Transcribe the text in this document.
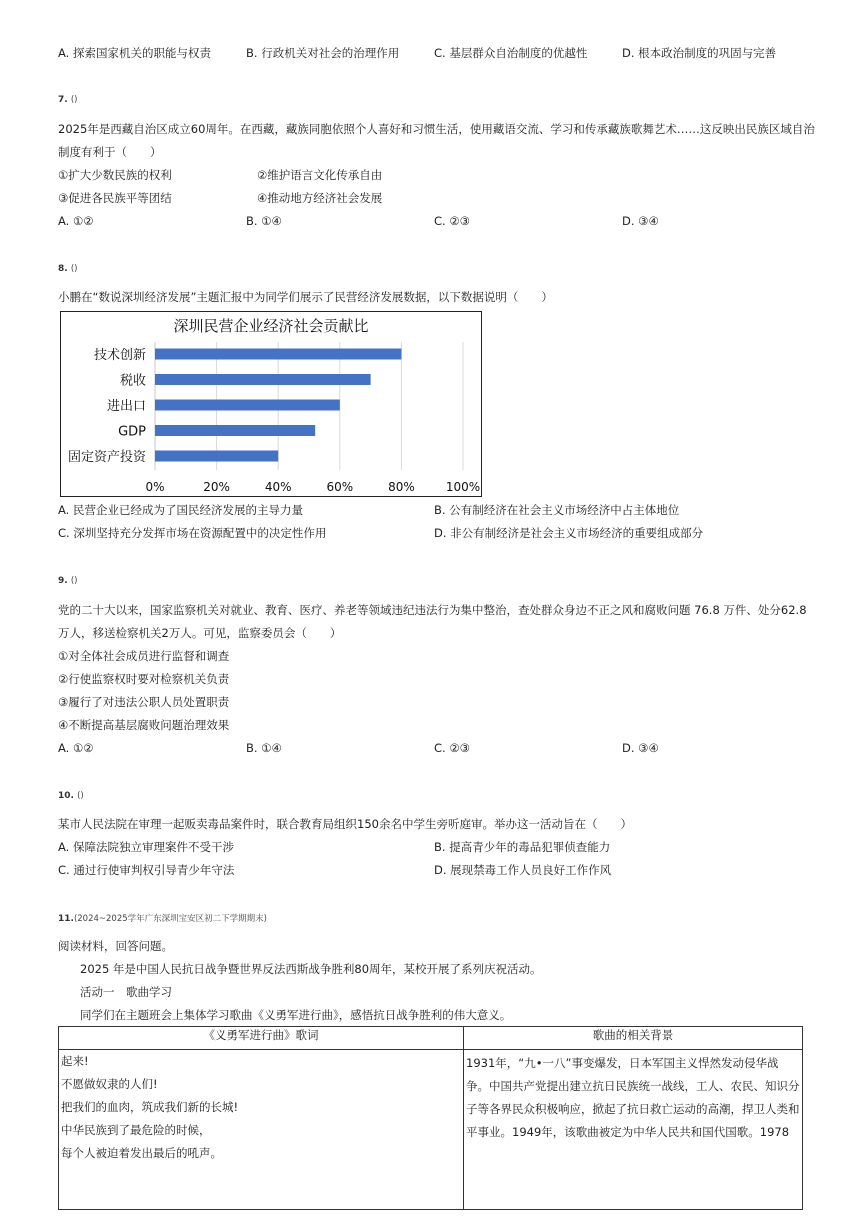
A. 探索国家机关的职能与权责	B. 行政机关对社会的治理作用	C. 基层群众自治制度的优越性	D. 根本政治制度的巩固与完善
7. ()
2025年是西藏自治区成立60周年。在西藏，藏族同胞依照个人喜好和习惯生活，使用藏语交流、学习和传承藏族歌舞艺术……这反映出民族区域自治
制度有利于（　　）
①扩大少数民族的权利	②维护语言文化传承自由
③促进各民族平等团结	④推动地方经济社会发展
A. ①②	B. ①④	C. ②③	D. ③④
8. ()
小鹏在“数说深圳经济发展”主题汇报中为同学们展示了民营经济发展数据，以下数据说明（　　）
深圳民营企业经济社会贡献比
技术创新
税收
进出口
GDP
固定资产投资
0%	20%	40%	60%	80%	100%
A. 民营企业已经成为了国民经济发展的主导力量	B. 公有制经济在社会主义市场经济中占主体地位
C. 深圳坚持充分发挥市场在资源配置中的决定性作用	D. 非公有制经济是社会主义市场经济的重要组成部分
9. ()
党的二十大以来，国家监察机关对就业、教育、医疗、养老等领域违纪违法行为集中整治，查处群众身边不正之风和腐败问题 76.8 万件、处分62.8
万人，移送检察机关2万人。可见，监察委员会（　　）
①对全体社会成员进行监督和调查
②行使监察权时要对检察机关负责
③履行了对违法公职人员处置职责
④不断提高基层腐败问题治理效果
A. ①②	B. ①④	C. ②③	D. ③④
10. ()
某市人民法院在审理一起贩卖毒品案件时，联合教育局组织150余名中学生旁听庭审。举办这一活动旨在（　　）
A. 保障法院独立审理案件不受干涉	B. 提高青少年的毒品犯罪侦查能力
C. 通过行使审判权引导青少年守法	D. 展现禁毒工作人员良好工作作风
11.(2024~2025学年广东深圳宝安区初二下学期期末)
阅读材料，回答问题。
2025 年是中国人民抗日战争暨世界反法西斯战争胜利80周年，某校开展了系列庆祝活动。
活动一　歌曲学习
同学们在主题班会上集体学习歌曲《义勇军进行曲》，感悟抗日战争胜利的伟大意义。
《义勇军进行曲》歌词	歌曲的相关背景

起来!
不愿做奴隶的人们!
把我们的血肉，筑成我们新的长城!
中华民族到了最危险的时候，
每个人被迫着发出最后的吼声。	1931年，“九•一八”事变爆发，日本军国主义悍然发动侵华战争。中国共产党提出建立抗日民族统一战线，工人、农民、知识分子等各界民众积极响应，掀起了抗日救亡运动的高潮，捍卫人类和平事业。1949年，该歌曲被定为中华人民共和国代国歌。1978
